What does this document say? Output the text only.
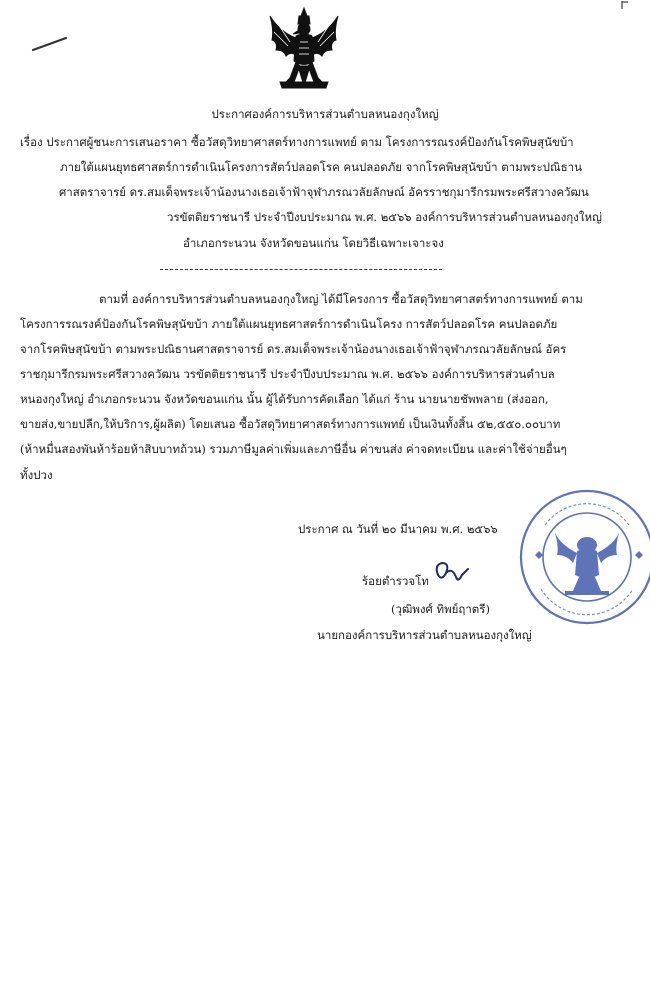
ประกาศองค์การบริหารส่วนตำบลหนองกุงใหญ่
เรื่อง ประกาศผู้ชนะการเสนอราคา ซื้อวัสดุวิทยาศาสตร์ทางการแพทย์ ตาม โครงการรณรงค์ป้องกันโรคพิษสุนัขบ้า
ภายใต้แผนยุทธศาสตร์การดำเนินโครงการสัตว์ปลอดโรค คนปลอดภัย จากโรคพิษสุนัขบ้า ตามพระปณิธาน
ศาสตราจารย์ ดร.สมเด็จพระเจ้าน้องนางเธอเจ้าฟ้าจุฬาภรณวลัยลักษณ์ อัครราชกุมารีกรมพระศรีสวางควัฒน
วรขัตติยราชนารี ประจำปีงบประมาณ พ.ศ. ๒๕๖๖ องค์การบริหารส่วนตำบลหนองกุงใหญ่
อำเภอกระนวน จังหวัดขอนแก่น โดยวิธีเฉพาะเจาะจง
ตามที่ องค์การบริหารส่วนตำบลหนองกุงใหญ่ ได้มีโครงการ ซื้อวัสดุวิทยาศาสตร์ทางการแพทย์ ตาม
โครงการรณรงค์ป้องกันโรคพิษสุนัขบ้า ภายใต้แผนยุทธศาสตร์การดำเนินโครง การสัตว์ปลอดโรค คนปลอดภัย
จากโรคพิษสุนัขบ้า ตามพระปณิธานศาสตราจารย์ ดร.สมเด็จพระเจ้าน้องนางเธอเจ้าฟ้าจุฬาภรณวลัยลักษณ์ อัคร
ราชกุมารีกรมพระศรีสวางควัฒน วรขัตติยราชนารี ประจำปีงบประมาณ พ.ศ. ๒๕๖๖ องค์การบริหารส่วนตำบล
หนองกุงใหญ่ อำเภอกระนวน จังหวัดขอนแก่น นั้น ผู้ได้รับการคัดเลือก ได้แก่ ร้าน นายนายชัพพลาย (ส่งออก,
ขายส่ง,ขายปลีก,ให้บริการ,ผู้ผลิต) โดยเสนอ ซื้อวัสดุวิทยาศาสตร์ทางการแพทย์ เป็นเงินทั้งสิ้น ๕๒,๕๕๐.๐๐บาท
(ห้าหมื่นสองพันห้าร้อยห้าสิบบาทถ้วน) รวมภาษีมูลค่าเพิ่มและภาษีอื่น ค่าขนส่ง ค่าจดทะเบียน และค่าใช้จ่ายอื่นๆ
ทั้งปวง
ประกาศ ณ วันที่ ๒๐ มีนาคม พ.ศ. ๒๕๖๖
ร้อยตำรวจโท
(วุฒิพงศ์ ทิพย์ฤาตรี)
นายกองค์การบริหารส่วนตำบลหนองกุงใหญ่
